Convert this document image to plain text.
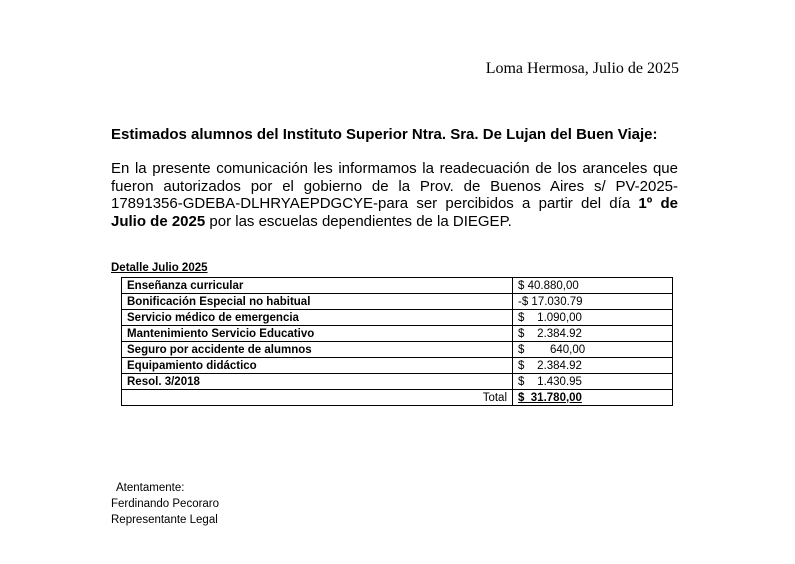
Loma Hermosa, Julio de 2025
Estimados alumnos del Instituto Superior Ntra. Sra. De Lujan del Buen Viaje:

En la presente comunicación les informamos la readecuación de los aranceles que fueron autorizados por el gobierno de la Prov. de Buenos Aires s/ PV-2025- 17891356-GDEBA-DLHRYAEPDGCYE-para ser percibidos a partir del día 1º de Julio de 2025 por las escuelas dependientes de la DIEGEP.

Detalle Julio 2025
Enseñanza curricular	$ 40.880,00
Bonificación Especial no habitual	-$ 17.030.79
Servicio médico de emergencia	$    1.090,00
Mantenimiento Servicio Educativo	$    2.384.92
Seguro por accidente de alumnos	$        640,00
Equipamiento didáctico	$    2.384.92
Resol. 3/2018	$    1.430.95
Total	$  31.780,00
Atentamente:
Ferdinando Pecoraro
Representante Legal
